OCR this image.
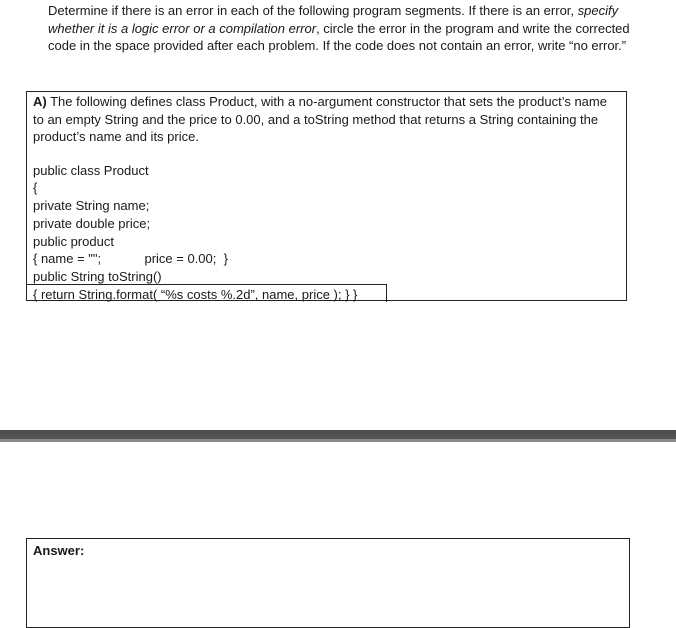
Determine if there is an error in each of the following program segments. If there is an error, specify whether it is a logic error or a compilation error, circle the error in the program and write the corrected code in the space provided after each problem. If the code does not contain an error, write “no error.”
A) The following defines class Product, with a no-argument constructor that sets the product’s name to an empty String and the price to 0.00, and a toString method that returns a String containing the product’s name and its price.
public class Product
{
private String name;
private double price;
public product
{ name = "";            price = 0.00;  }
public String toString()
{ return String.format( “%s costs %.2d”, name, price ); } }
Answer:
